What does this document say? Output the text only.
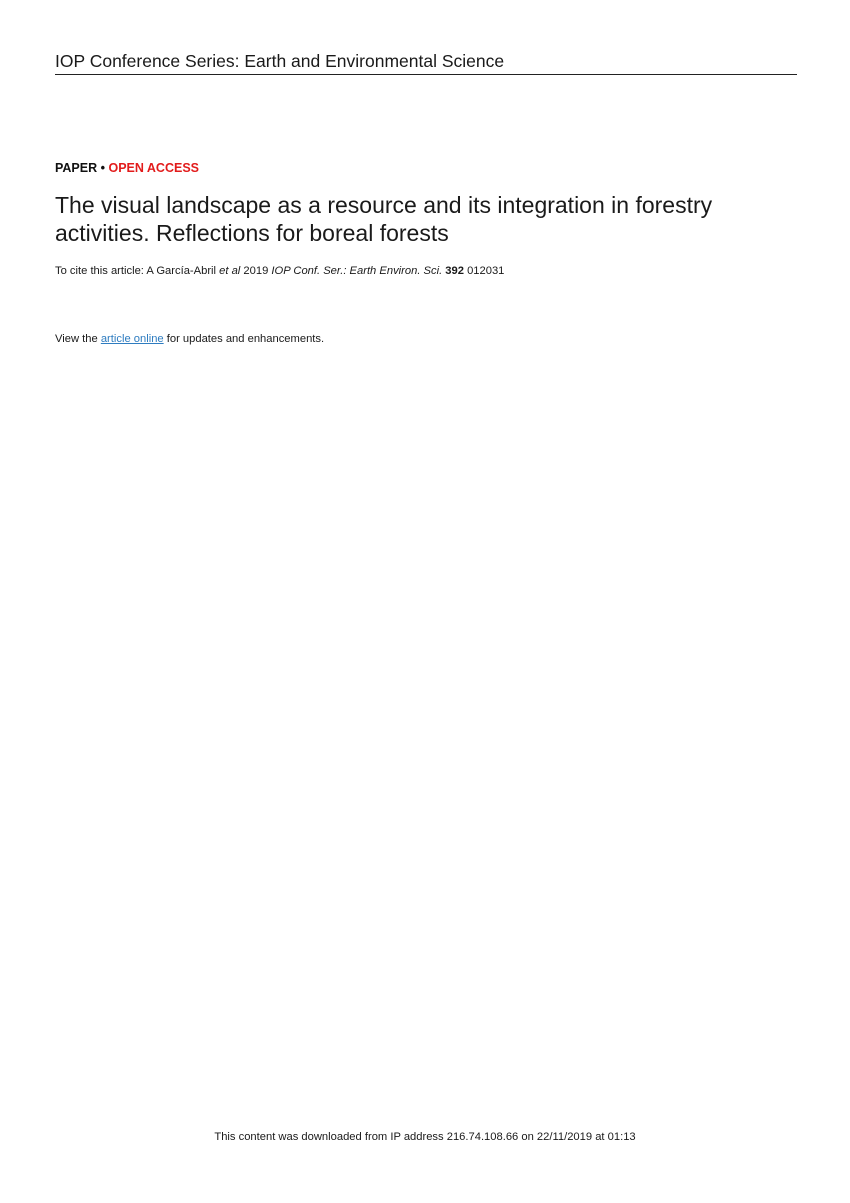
IOP Conference Series: Earth and Environmental Science
PAPER • OPEN ACCESS
The visual landscape as a resource and its integration in forestry activities. Reflections for boreal forests
To cite this article: A García-Abril et al 2019 IOP Conf. Ser.: Earth Environ. Sci. 392 012031
View the article online for updates and enhancements.
This content was downloaded from IP address 216.74.108.66 on 22/11/2019 at 01:13
